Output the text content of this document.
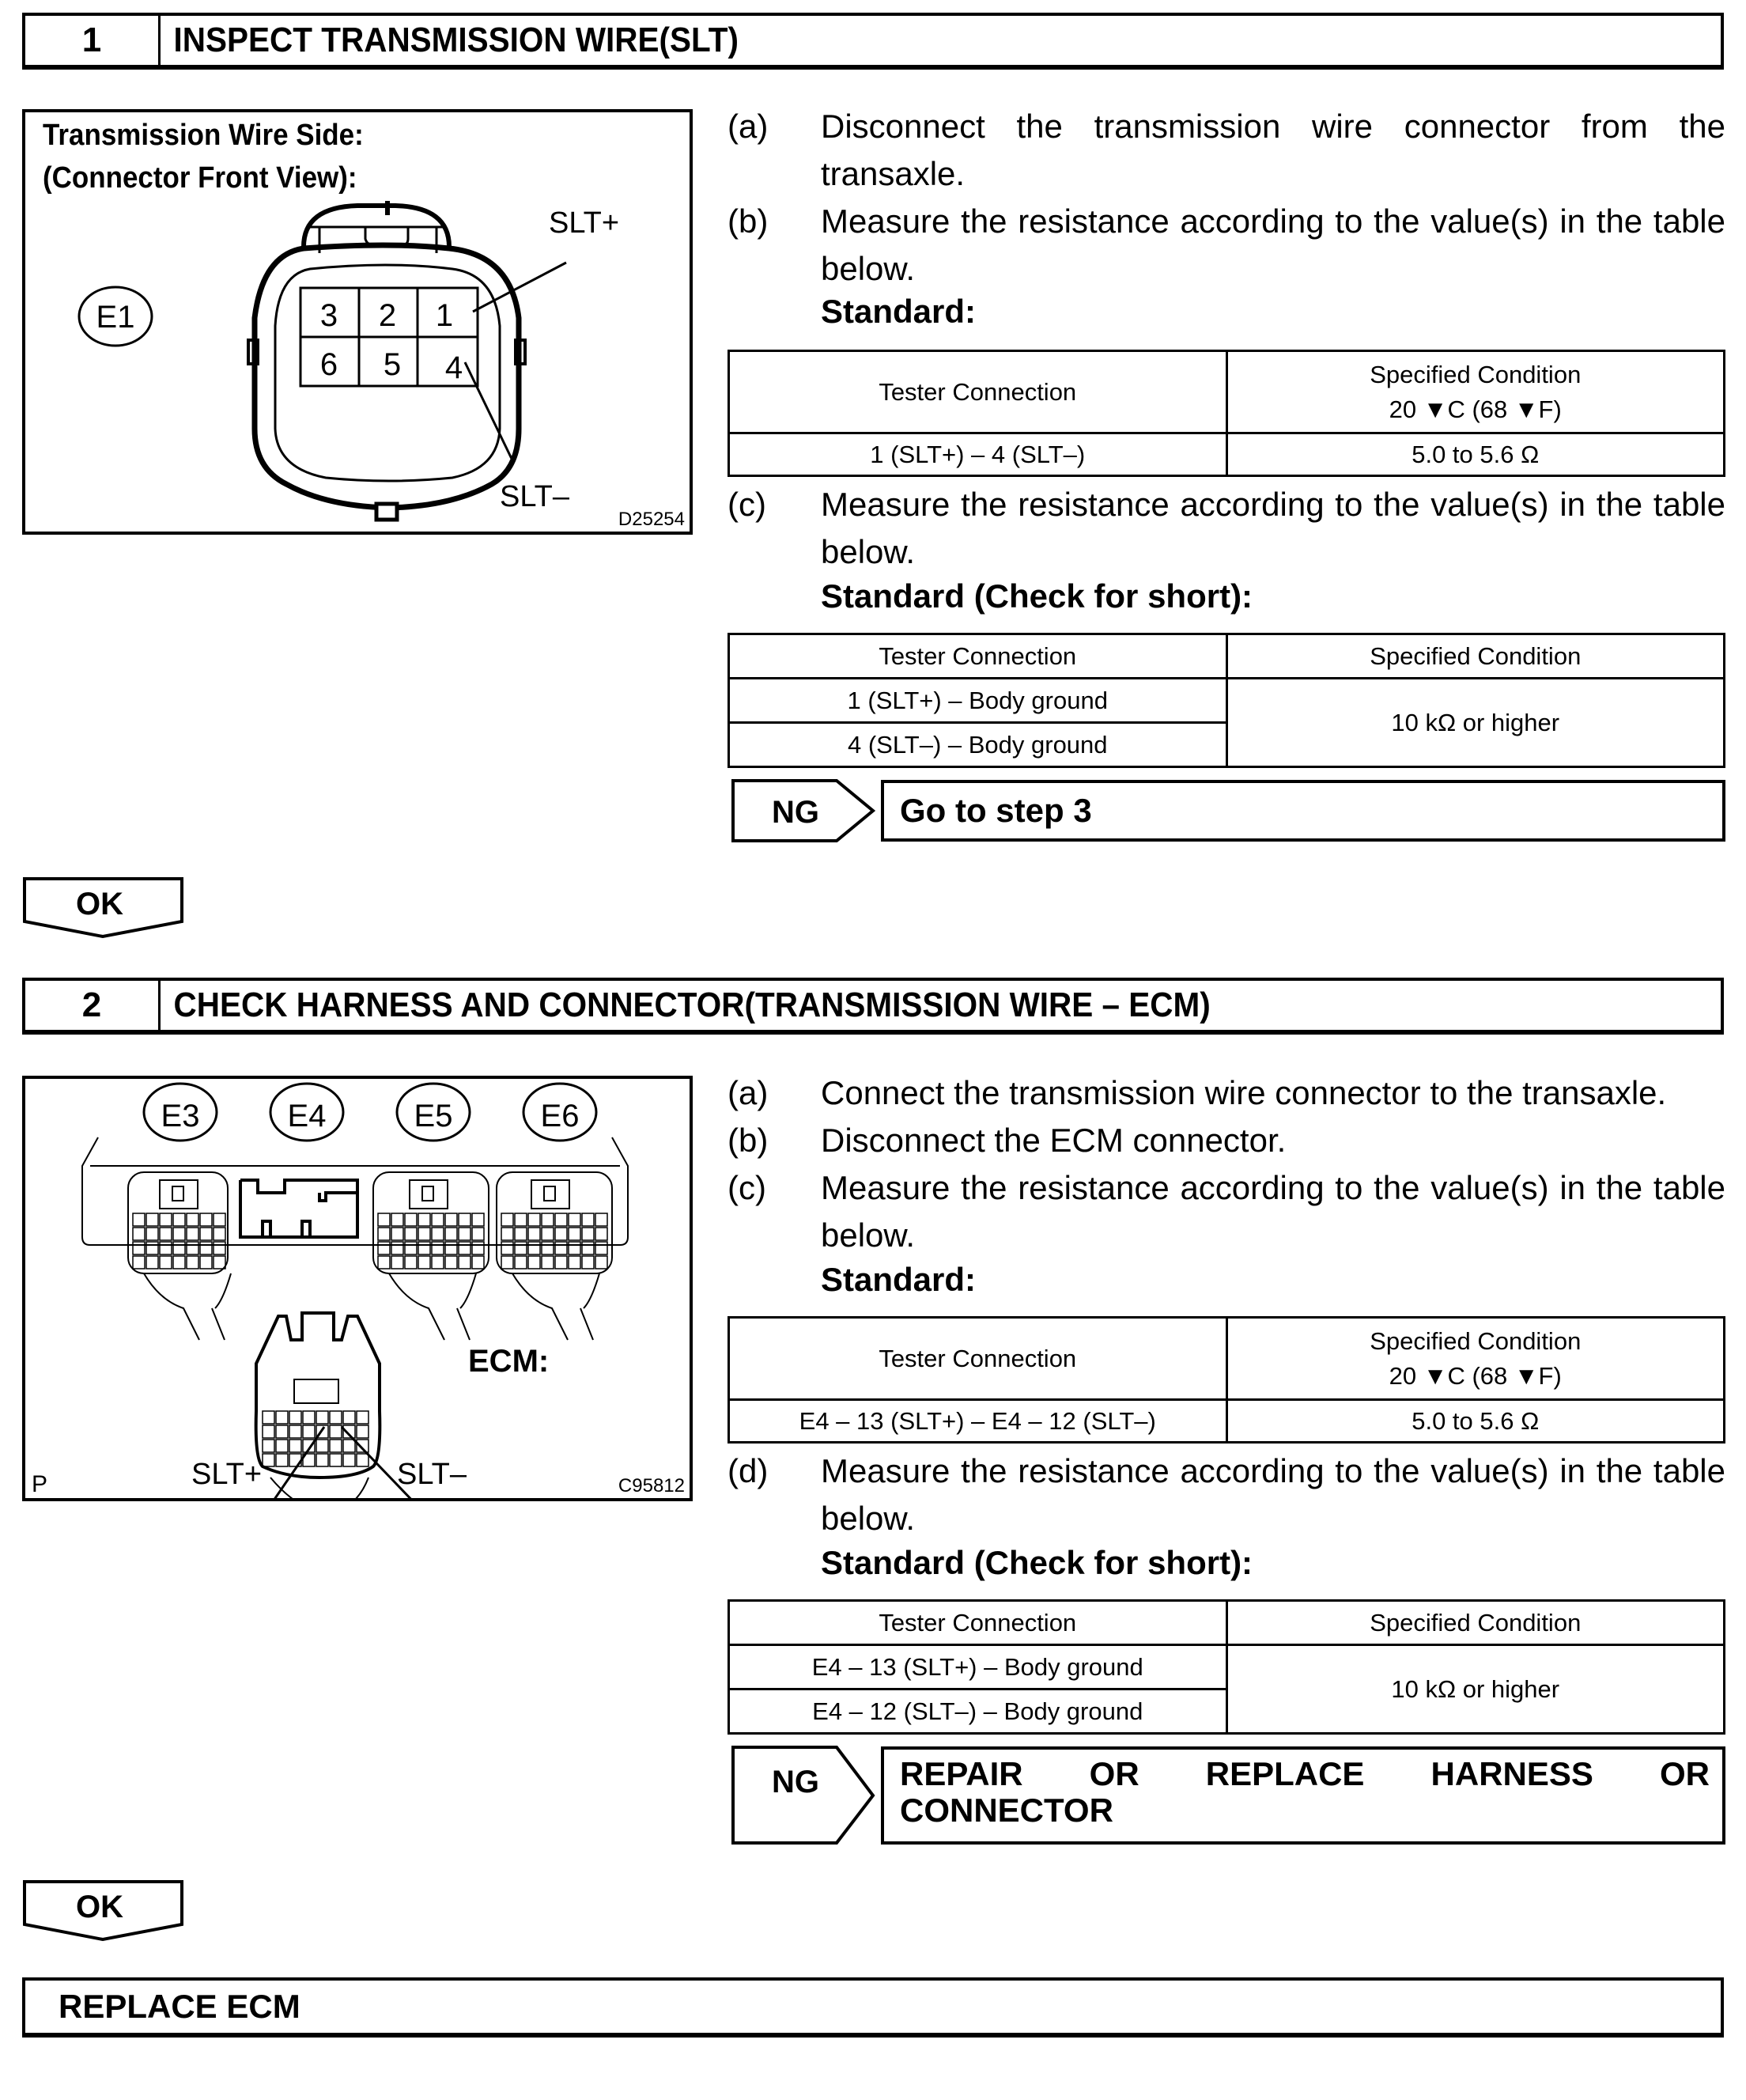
1	INSPECT TRANSMISSION WIRE(SLT)
Transmission Wire Side:
(Connector Front View):
E1	3 2 1
6 5 4
SLT+
SLT–
D25254
(a)	Disconnect the transmission wire connector from the transaxle.
(b)	Measure the resistance according to the value(s) in the table below.
Standard:
Tester Connection	Specified Condition
20 ▼C (68 ▼F)

1 (SLT+) – 4 (SLT–)	5.0 to 5.6 Ω
(c)	Measure the resistance according to the value(s) in the table below.
Standard (Check for short):
Tester Connection	Specified Condition
1 (SLT+) – Body ground	10 kΩ or higher
4 (SLT–) – Body ground	
NG Go to step 3
OK
2	CHECK HARNESS AND CONNECTOR(TRANSMISSION WIRE – ECM)
E3	E4	E5	E6
ECM:
SLT+	SLT–
P	C95812
(a)	Connect the transmission wire connector to the transaxle.
(b)	Disconnect the ECM connector.
(c)	Measure the resistance according to the value(s) in the table below.
Standard:
Tester Connection	Specified Condition
20 ▼C (68 ▼F)

E4 – 13 (SLT+) – E4 – 12 (SLT–)	5.0 to 5.6 Ω
(d)	Measure the resistance according to the value(s) in the table below.
Standard (Check for short):
Tester Connection	Specified Condition
E4 – 13 (SLT+) – Body ground	10 kΩ or higher
E4 – 12 (SLT–) – Body ground	
NG REPAIR OR REPLACE HARNESS OR
CONNECTOR
OK
REPLACE ECM
